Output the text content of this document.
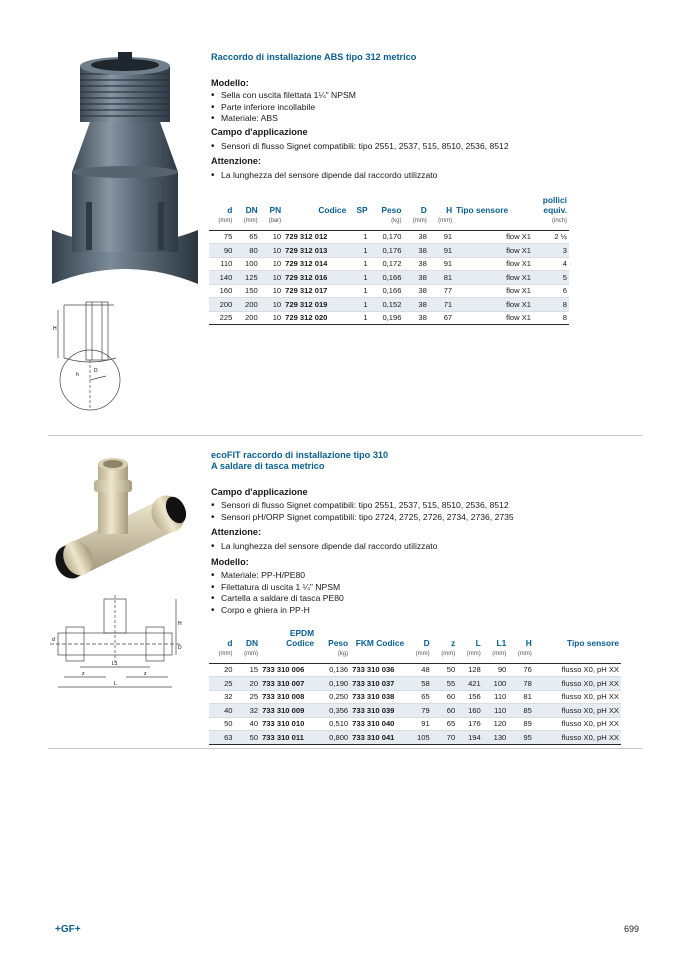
H
D
h
Raccordo di installazione ABS tipo 312 metrico
Modello:
• Sella con uscita filettata 1¼" NPSM
• Parte inferiore incollabile
• Materiale: ABS
Campo d'applicazione
• Sensori di flusso Signet compatibili: tipo 2551, 2537, 515, 8510, 2536, 8512
Attenzione:
• La lunghezza del sensore dipende dal raccordo utilizzato
d	DN	PN	Codice	SP	Peso	D	H	Tipo sensore	pollici equiv.
(mm)	(mm)	(bar)			(kg)	(mm)	(mm)		(inch)
75	65	10	729 312 012	1	0,170	38	91	flow X1	2 ½
90	80	10	729 312 013	1	0,176	38	91	flow X1	3
110	100	10	729 312 014	1	0,172	38	91	flow X1	4
140	125	10	729 312 016	1	0,166	38	81	flow X1	5
160	150	10	729 312 017	1	0,166	38	77	flow X1	6
200	200	10	729 312 019	1	0,152	38	71	flow X1	8
225	200	10	729 312 020	1	0,196	38	67	flow X1	8
L1
z	z
L
H
d
D
ecoFIT raccordo di installazione tipo 310
A saldare di tasca metrico
Campo d'applicazione
• Sensori di flusso Signet compatibili: tipo 2551, 2537, 515, 8510, 2536, 8512
• Sensori pH/ORP Signet compatibili: tipo 2724, 2725, 2726, 2734, 2736, 2735
Attenzione:
• La lunghezza del sensore dipende dal raccordo utilizzato
Modello:
• Materiale: PP-H/PE80
• Filettatura di uscita 1 ¼" NPSM
• Cartella a saldare di tasca PE80
• Corpo e ghiera in PP-H
d	DN	EPDM Codice	Peso	FKM Codice	D	z	L	L1	H	Tipo sensore
(mm)	(mm)		(kg)		(mm)	(mm)	(mm)	(mm)	(mm)	
20	15	733 310 006	0,136	733 310 036	48	50	128	90	76	flusso X0, pH XX
25	20	733 310 007	0,190	733 310 037	58	55	421	100	78	flusso X0, pH XX
32	25	733 310 008	0,250	733 310 038	65	60	156	110	81	flusso X0, pH XX
40	32	733 310 009	0,356	733 310 039	79	60	160	110	85	flusso X0, pH XX
50	40	733 310 010	0,510	733 310 040	91	65	176	120	89	flusso X0, pH XX
63	50	733 310 011	0,800	733 310 041	105	70	194	130	95	flusso X0, pH XX
+GF+	699
